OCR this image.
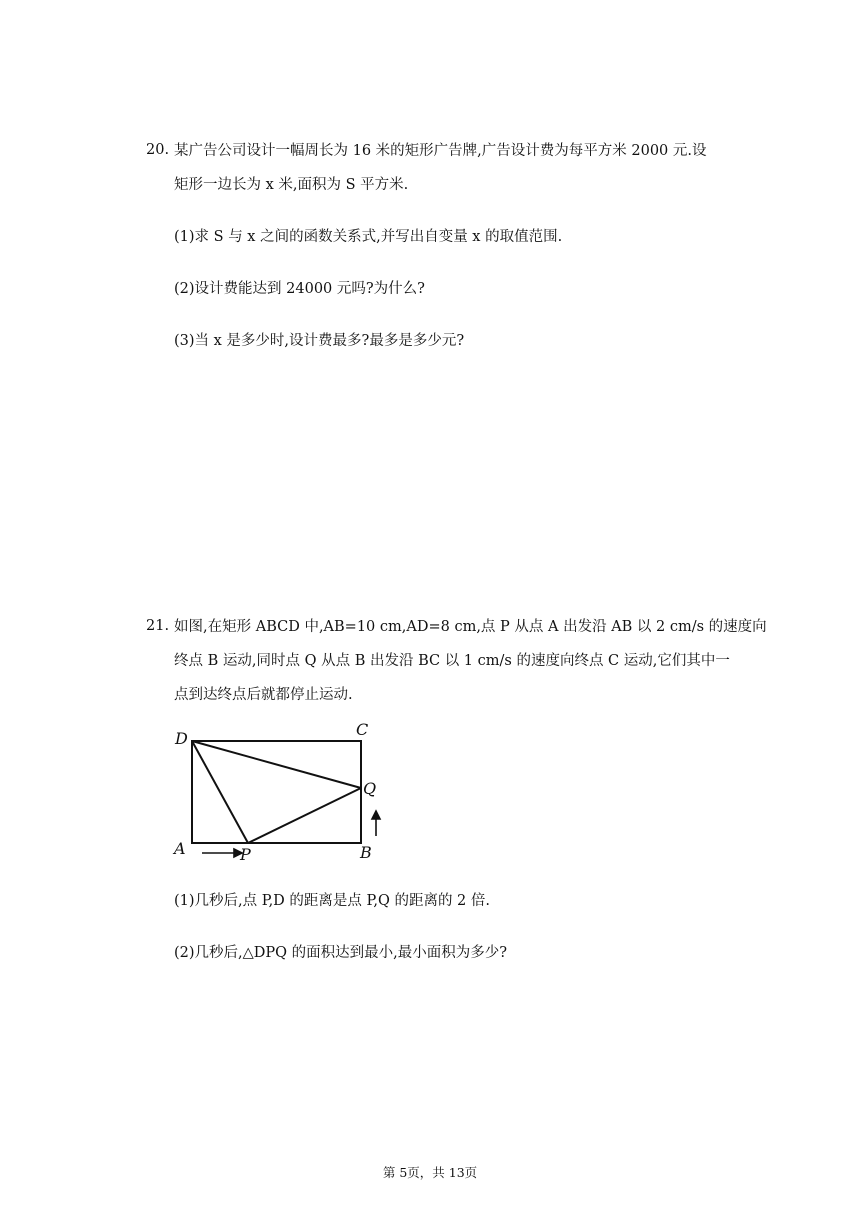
20. 某广告公司设计一幅周长为 16 米的矩形广告牌,广告设计费为每平方米 2000 元.设
矩形一边长为 x 米,面积为 S 平方米.
(1)求 S 与 x 之间的函数关系式,并写出自变量 x 的取值范围.
(2)设计费能达到 24000 元吗?为什么?
(3)当 x 是多少时,设计费最多?最多是多少元?
21. 如图,在矩形 ABCD 中,AB=10 cm,AD=8 cm,点 P 从点 A 出发沿 AB 以 2 cm/s 的速度向
终点 B 运动,同时点 Q 从点 B 出发沿 BC 以 1 cm/s 的速度向终点 C 运动,它们其中一
点到达终点后就都停止运动.
D	C
Q
A	P	B
(1)几秒后,点 P,D 的距离是点 P,Q 的距离的 2 倍.
(2)几秒后,△DPQ 的面积达到最小,最小面积为多少?
第 5页，共 13页
